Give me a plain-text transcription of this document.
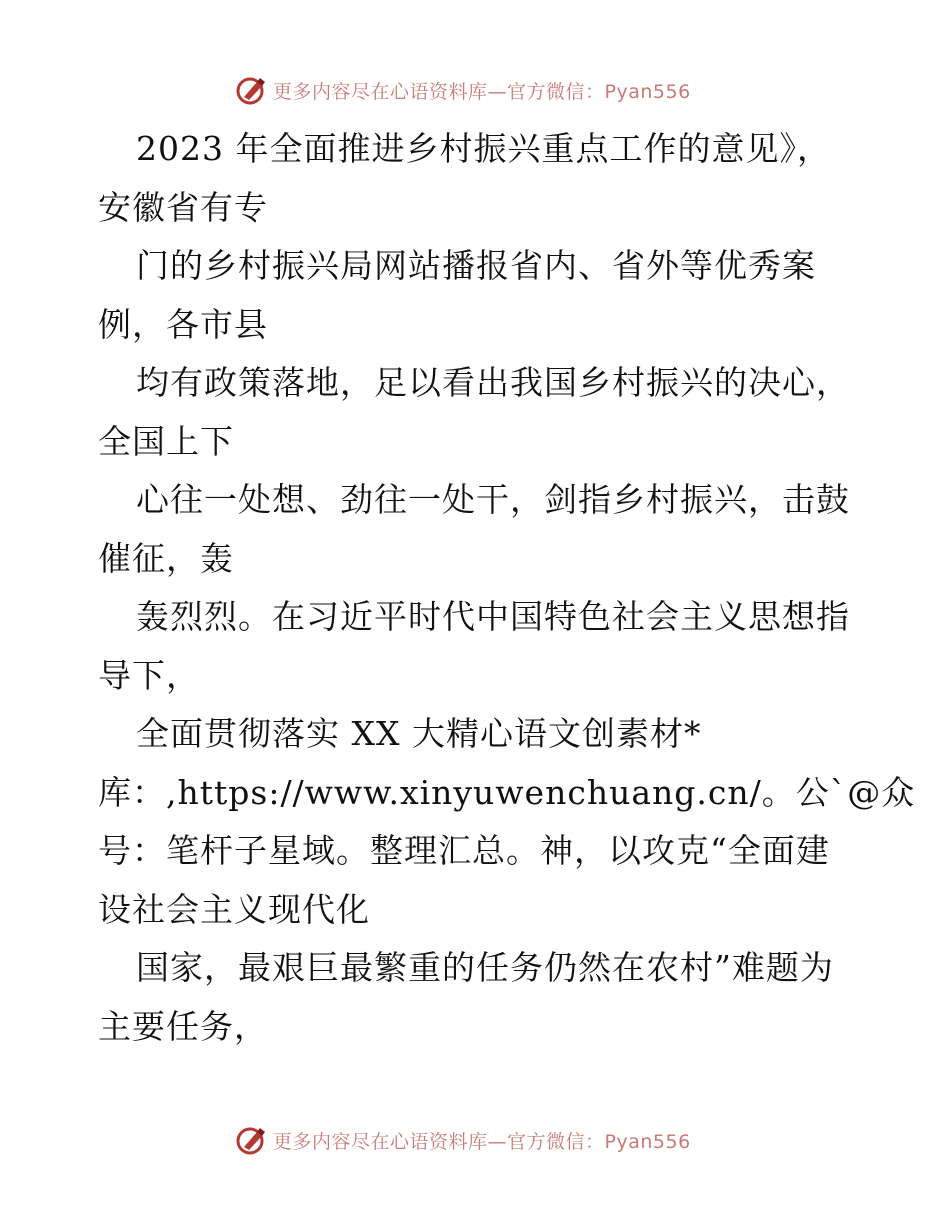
更多内容尽在心语资料库—官方微信：Pyan556
2023 年全面推进乡村振兴重点工作的意见》，
安徽省有专
门的乡村振兴局网站播报省内、省外等优秀案
例，各市县
均有政策落地，足以看出我国乡村振兴的决心，
全国上下
心往一处想、劲往一处干，剑指乡村振兴，击鼓
催征，轰
轰烈烈。在习近平时代中国特色社会主义思想指
导下，
全面贯彻落实 XX 大精心语文创素材*
库：,https://www.xinyuwenchuang.cn/。公`@众
号：笔杆子星域。整理汇总。神，以攻克“全面建
设社会主义现代化
国家，最艰巨最繁重的任务仍然在农村”难题为
主要任务，
更多内容尽在心语资料库—官方微信：Pyan556
